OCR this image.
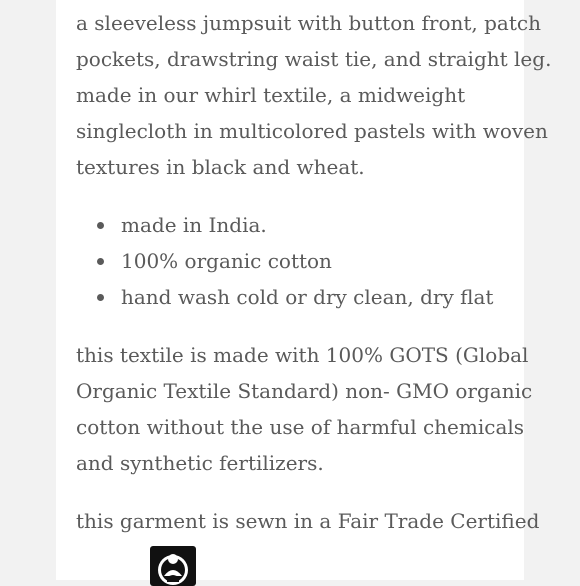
a sleeveless jumpsuit with button front, patch
pockets, drawstring waist tie, and straight leg.
made in our whirl textile, a midweight
singlecloth in multicolored pastels with woven
textures in black and wheat.
made in India.
100% organic cotton
hand wash cold or dry clean, dry flat
this textile is made with 100% GOTS (Global
Organic Textile Standard) non- GMO organic
cotton without the use of harmful chemicals
and synthetic fertilizers.
this garment is sewn in a Fair Trade Certified
